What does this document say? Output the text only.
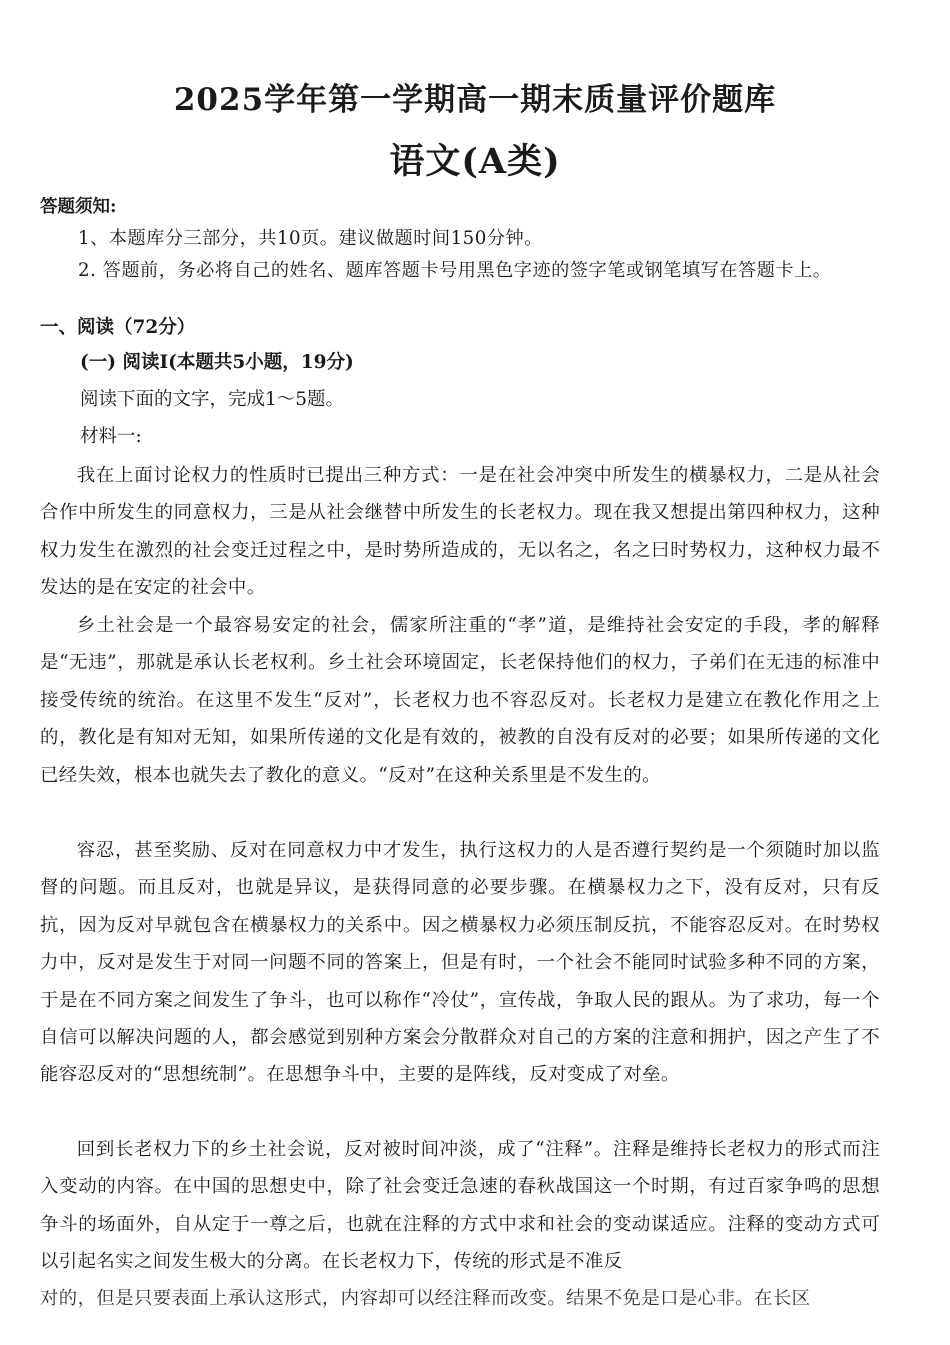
2025学年第一学期高一期末质量评价题库
语文(A类)
答题须知:
1、本题库分三部分，共10页。建议做题时间150分钟。
2. 答题前，务必将自己的姓名、题库答题卡号用黑色字迹的签字笔或钢笔填写在答题卡上。
一、阅读（72分）
(一) 阅读Ⅰ(本题共5小题，19分)
阅读下面的文字，完成1～5题。
材料一:
我在上面讨论权力的性质时已提出三种方式：一是在社会冲突中所发生的横暴权力，二是从社会合作中所发生的同意权力，三是从社会继替中所发生的长老权力。现在我又想提出第四种权力，这种权力发生在激烈的社会变迁过程之中，是时势所造成的，无以名之，名之曰时势权力，这种权力最不发达的是在安定的社会中。
乡土社会是一个最容易安定的社会，儒家所注重的“孝”道，是维持社会安定的手段，孝的解释是“无违”，那就是承认长老权利。乡土社会环境固定，长老保持他们的权力，子弟们在无违的标准中接受传统的统治。在这里不发生“反对”，长老权力也不容忍反对。长老权力是建立在教化作用之上的，教化是有知对无知，如果所传递的文化是有效的，被教的自没有反对的必要；如果所传递的文化已经失效，根本也就失去了教化的意义。“反对”在这种关系里是不发生的。
容忍，甚至奖励、反对在同意权力中才发生，执行这权力的人是否遵行契约是一个须随时加以监督的问题。而且反对，也就是异议，是获得同意的必要步骤。在横暴权力之下，没有反对，只有反抗，因为反对早就包含在横暴权力的关系中。因之横暴权力必须压制反抗，不能容忍反对。在时势权力中，反对是发生于对同一问题不同的答案上，但是有时，一个社会不能同时试验多种不同的方案，于是在不同方案之间发生了争斗，也可以称作“冷仗”，宣传战，争取人民的跟从。为了求功，每一个自信可以解决问题的人，都会感觉到别种方案会分散群众对自己的方案的注意和拥护，因之产生了不能容忍反对的“思想统制”。在思想争斗中，主要的是阵线，反对变成了对垒。
回到长老权力下的乡土社会说，反对被时间冲淡，成了“注释”。注释是维持长老权力的形式而注入变动的内容。在中国的思想史中，除了社会变迁急速的春秋战国这一个时期，有过百家争鸣的思想争斗的场面外，自从定于一尊之后，也就在注释的方式中求和社会的变动谋适应。注释的变动方式可以引起名实之间发生极大的分离。在长老权力下，传统的形式是不准反
对的，但是只要表面上承认这形式，内容却可以经注释而改变。结果不免是口是心非。在长区
